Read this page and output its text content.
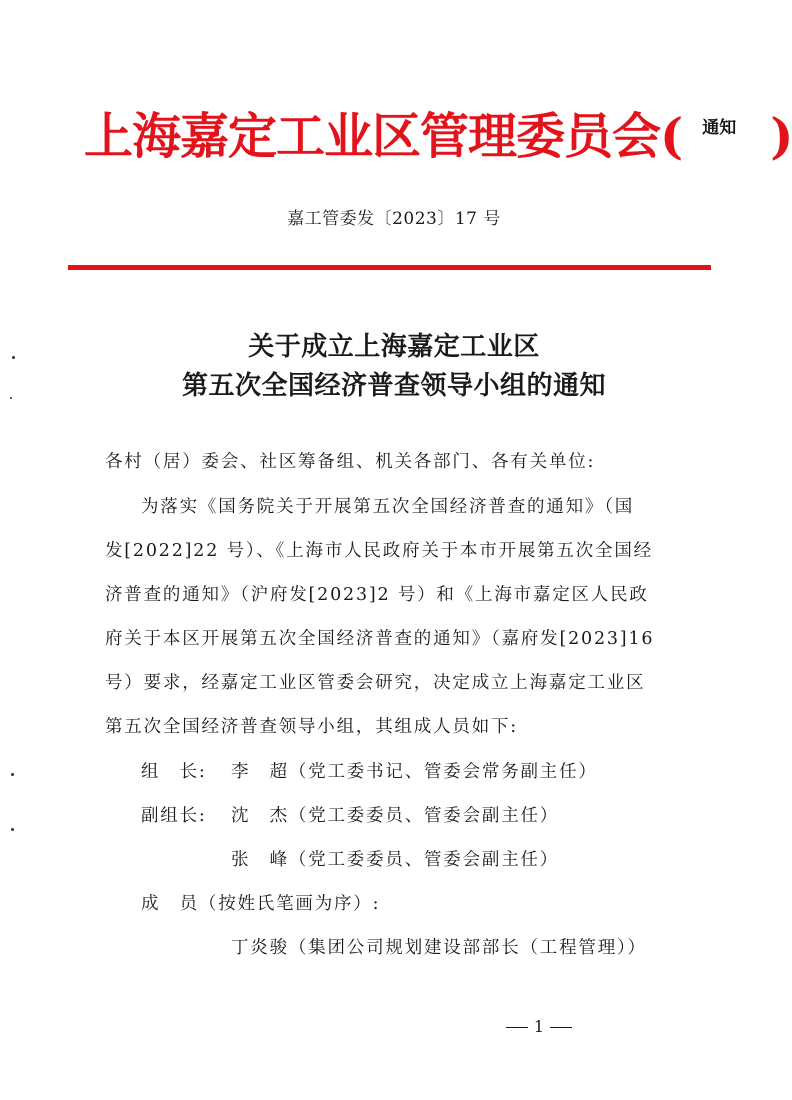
上海嘉定工业区管理委员会( $^{通知}$ )
嘉工管委发〔2023〕17 号
关于成立上海嘉定工业区
第五次全国经济普查领导小组的通知
各村（居）委会、社区筹备组、机关各部门、各有关单位:
为落实《国务院关于开展第五次全国经济普查的通知》（国
发[2022]22 号）、《上海市人民政府关于本市开展第五次全国经
济普查的通知》（沪府发[2023]2 号）和《上海市嘉定区人民政
府关于本区开展第五次全国经济普查的通知》（嘉府发[2023]16
号）要求，经嘉定工业区管委会研究，决定成立上海嘉定工业区
第五次全国经济普查领导小组，其组成人员如下:
组　长: 李　超（党工委书记、管委会常务副主任）
副组长: 沈　杰（党工委委员、管委会副主任）
张　峰（党工委委员、管委会副主任）
成　员（按姓氏笔画为序）:
丁炎骏（集团公司规划建设部部长（工程管理））
1
